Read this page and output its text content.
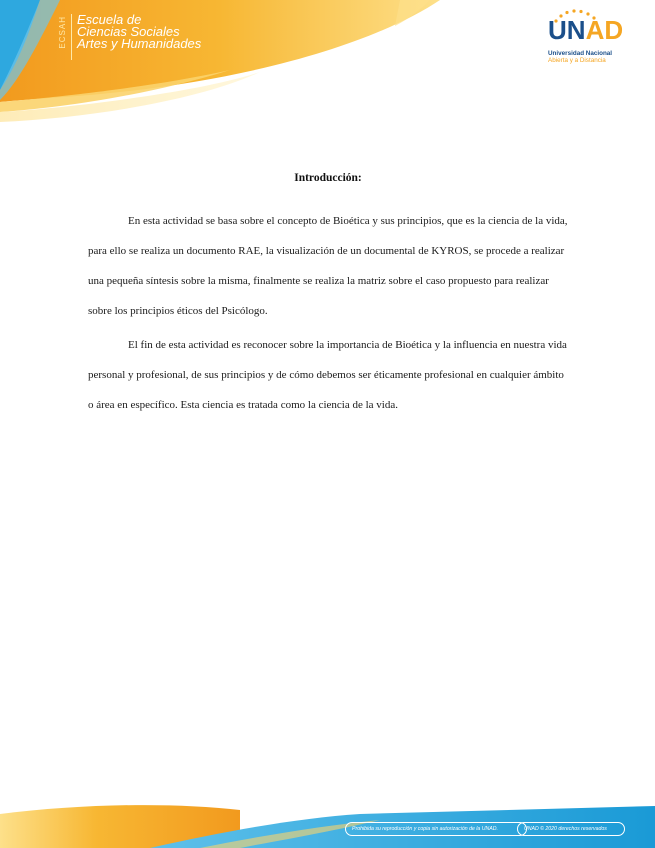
ECSAH Escuela de
Ciencias Sociales
Artes y Humanidades	UNAD
Universidad Nacional
Abierta y a Distancia

Introducción:

En esta actividad se basa sobre el concepto de Bioética y sus principios, que es la ciencia de la vida, para ello se realiza un documento RAE, la visualización de un documental de KYROS, se procede a realizar una pequeña síntesis sobre la misma, finalmente se realiza la matriz sobre el caso propuesto para realizar sobre los principios éticos del Psicólogo.

El fin de esta actividad es reconocer sobre la importancia de Bioética y la influencia en nuestra vida personal y profesional, de sus principios y de cómo debemos ser éticamente profesional en cualquier ámbito o área en específico. Esta ciencia es tratada como la ciencia de la vida.

Prohibida su reproducción y copia sin autorización de la UNAD.	UNAD © 2020 derechos reservados
